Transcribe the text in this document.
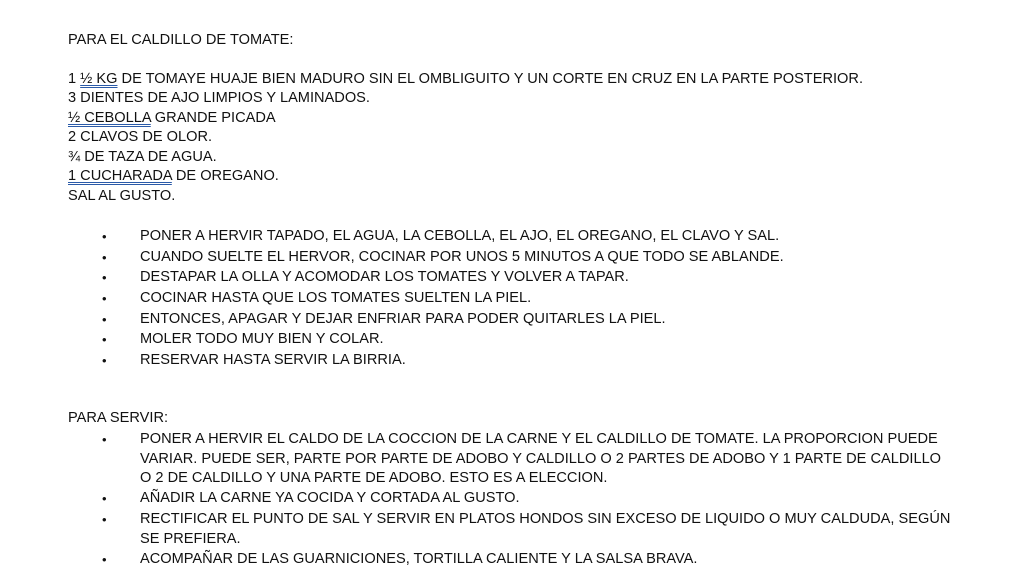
PARA EL CALDILLO DE TOMATE:
1 ½ KG DE TOMAYE HUAJE BIEN MADURO SIN EL OMBLIGUITO Y UN CORTE EN CRUZ EN LA PARTE POSTERIOR.
3 DIENTES DE AJO LIMPIOS Y LAMINADOS.
½ CEBOLLA GRANDE PICADA
2 CLAVOS DE OLOR.
¾ DE TAZA DE AGUA.
1 CUCHARADA DE OREGANO.
SAL AL GUSTO.
• PONER A HERVIR TAPADO, EL AGUA, LA CEBOLLA, EL AJO, EL OREGANO, EL CLAVO Y SAL.
• CUANDO SUELTE EL HERVOR, COCINAR POR UNOS 5 MINUTOS A QUE TODO SE ABLANDE.
• DESTAPAR LA OLLA Y ACOMODAR LOS TOMATES Y VOLVER A TAPAR.
• COCINAR HASTA QUE LOS TOMATES SUELTEN LA PIEL.
• ENTONCES, APAGAR Y DEJAR ENFRIAR PARA PODER QUITARLES LA PIEL.
• MOLER TODO MUY BIEN Y COLAR.
• RESERVAR HASTA SERVIR LA BIRRIA.
PARA SERVIR:
• PONER A HERVIR EL CALDO DE LA COCCION DE LA CARNE Y EL CALDILLO DE TOMATE. LA PROPORCION PUEDE VARIAR. PUEDE SER, PARTE POR PARTE DE ADOBO Y CALDILLO O 2 PARTES DE ADOBO Y 1 PARTE DE CALDILLO O 2 DE CALDILLO Y UNA PARTE DE ADOBO. ESTO ES A ELECCION.
• AÑADIR LA CARNE YA COCIDA Y CORTADA AL GUSTO.
• RECTIFICAR EL PUNTO DE SAL Y SERVIR EN PLATOS HONDOS SIN EXCESO DE LIQUIDO O MUY CALDUDA, SEGÚN SE PREFIERA.
• ACOMPAÑAR DE LAS GUARNICIONES, TORTILLA CALIENTE Y LA SALSA BRAVA.
